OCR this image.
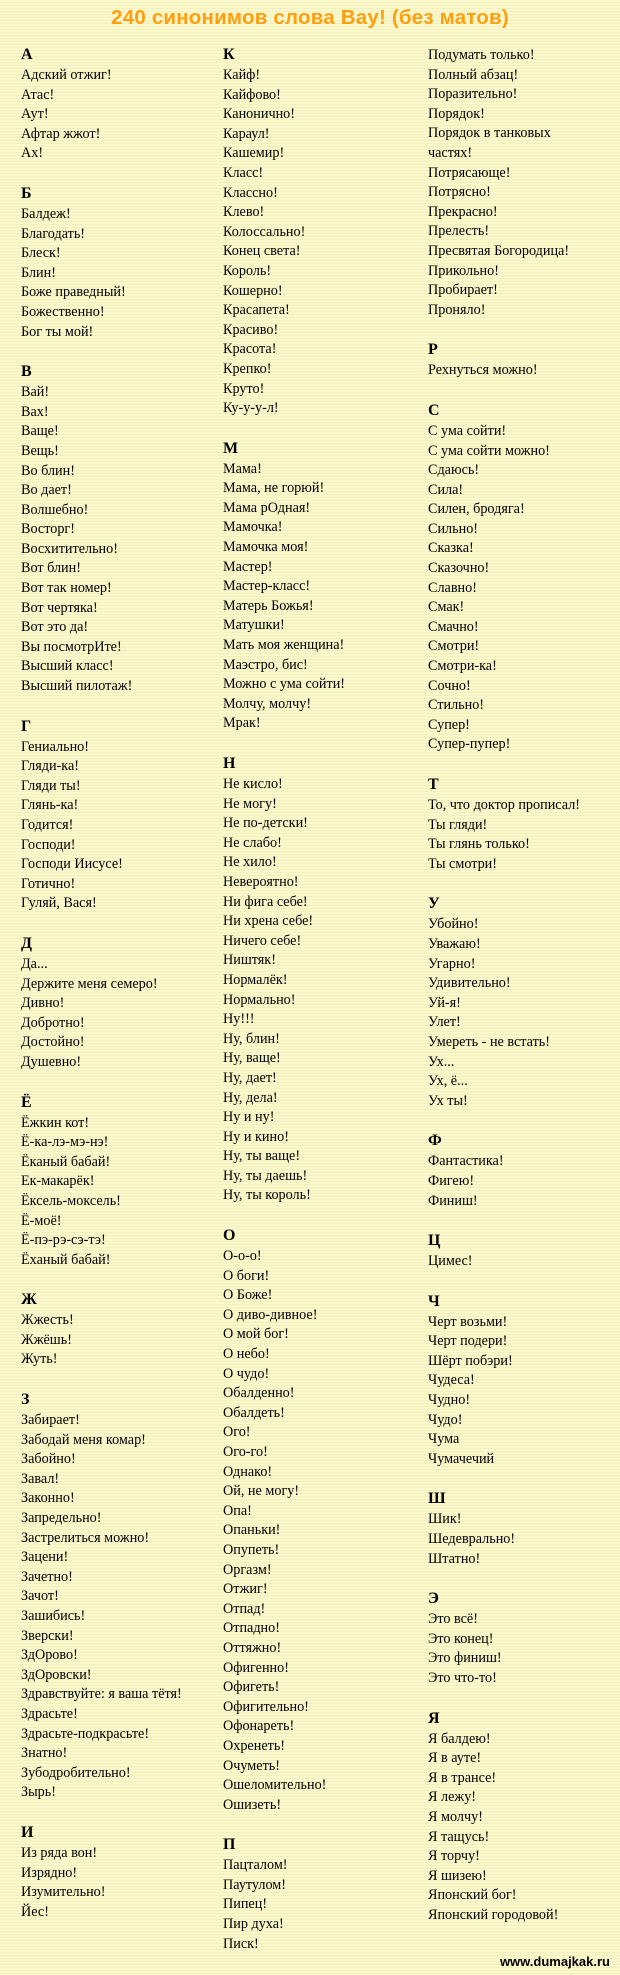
240 синонимов слова Вау! (без матов)
А
Адский отжиг!
Атас!
Аут!
Афтар жжот!
Ах!
Б
Балдеж!
Благодать!
Блеск!
Блин!
Боже праведный!
Божественно!
Бог ты мой!
В
Вай!
Вах!
Ваще!
Вещь!
Во блин!
Во дает!
Волшебно!
Восторг!
Восхитительно!
Вот блин!
Вот так номер!
Вот чертяка!
Вот это да!
Вы посмотрИте!
Высший класс!
Высший пилотаж!
Г
Гениально!
Гляди-ка!
Гляди ты!
Глянь-ка!
Годится!
Господи!
Господи Иисусе!
Готично!
Гуляй, Вася!
Д
Да...
Держите меня семеро!
Дивно!
Добротно!
Достойно!
Душевно!
Ё
Ёжкин кот!
Ё-ка-лэ-мэ-нэ!
Ёканый бабай!
Ек-макарёк!
Ёксель-моксель!
Ё-моё!
Ё-пэ-рэ-сэ-тэ!
Ёханый бабай!
Ж
Жжесть!
Жжёшь!
Жуть!
З
Забирает!
Забодай меня комар!
Забойно!
Завал!
Законно!
Запредельно!
Застрелиться можно!
Зацени!
Зачетно!
Зачот!
Зашибись!
Зверски!
ЗдОрово!
ЗдОровски!
Здравствуйте: я ваша тётя!
Здрасьте!
Здрасьте-подкрасьте!
Знатно!
Зубодробительно!
Зырь!
И
Из ряда вон!
Изрядно!
Изумительно!
Йес!
К
Кайф!
Кайфово!
Канонично!
Караул!
Кашемир!
Класс!
Классно!
Клево!
Колоссально!
Конец света!
Король!
Кошерно!
Красапета!
Красиво!
Красота!
Крепко!
Круто!
Ку-у-у-л!
М
Мама!
Мама, не горюй!
Мама рОдная!
Мамочка!
Мамочка моя!
Мастер!
Мастер-класс!
Матерь Божья!
Матушки!
Мать моя женщина!
Маэстро, бис!
Можно с ума сойти!
Молчу, молчу!
Мрак!
Н
Не кисло!
Не могу!
Не по-детски!
Не слабо!
Не хило!
Невероятно!
Ни фига себе!
Ни хрена себе!
Ничего себе!
Ништяк!
Нормалёк!
Нормально!
Ну!!!
Ну, блин!
Ну, ваще!
Ну, дает!
Ну, дела!
Ну и ну!
Ну и кино!
Ну, ты ваще!
Ну, ты даешь!
Ну, ты король!
О
О-о-о!
О боги!
О Боже!
О диво-дивное!
О мой бог!
О небо!
О чудо!
Обалденно!
Обалдеть!
Ого!
Ого-го!
Однако!
Ой, не могу!
Опа!
Опаньки!
Опупеть!
Оргазм!
Отжиг!
Отпад!
Отпадно!
Оттяжно!
Офигенно!
Офигеть!
Офигительно!
Офонареть!
Охренеть!
Очуметь!
Ошеломительно!
Ошизеть!
П
Пацталом!
Паутулом!
Пипец!
Пир духа!
Писк!
Подумать только!
Полный абзац!
Поразительно!
Порядок!
Порядок в танковых
частях!
Потрясающе!
Потрясно!
Прекрасно!
Прелесть!
Пресвятая Богородица!
Прикольно!
Пробирает!
Проняло!
Р
Рехнуться можно!
С
С ума сойти!
С ума сойти можно!
Сдаюсь!
Сила!
Силен, бродяга!
Сильно!
Сказка!
Сказочно!
Славно!
Смак!
Смачно!
Смотри!
Смотри-ка!
Сочно!
Стильно!
Супер!
Супер-пупер!
Т
То, что доктор прописал!
Ты гляди!
Ты глянь только!
Ты смотри!
У
Убойно!
Уважаю!
Угарно!
Удивительно!
Уй-я!
Улет!
Умереть - не встать!
Ух...
Ух, ё...
Ух ты!
Ф
Фантастика!
Фигею!
Финиш!
Ц
Цимес!
Ч
Черт возьми!
Черт подери!
Шёрт побэри!
Чудеса!
Чудно!
Чудо!
Чума
Чумачечий
Ш
Шик!
Шедеврально!
Штатно!
Э
Это всё!
Это конец!
Это финиш!
Это что-то!
Я
Я балдею!
Я в ауте!
Я в трансе!
Я лежу!
Я молчу!
Я тащусь!
Я торчу!
Я шизею!
Японский бог!
Японский городовой!
www.dumajkak.ru
